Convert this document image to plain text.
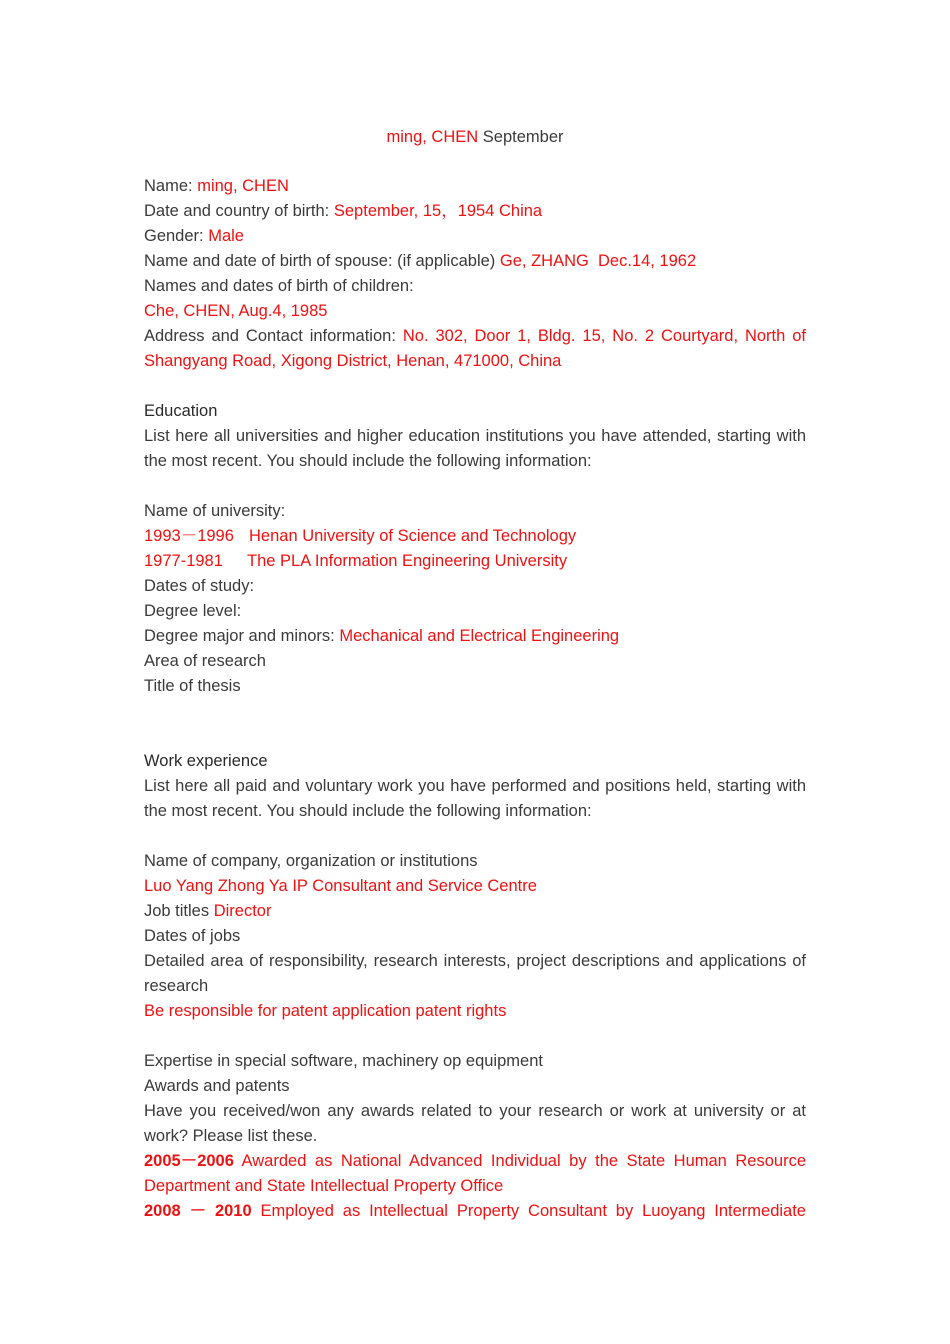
ming, CHEN September
Name: ming, CHEN
Date and country of birth: September, 15，1954 China
Gender: Male
Name and date of birth of spouse: (if applicable) Ge, ZHANG  Dec.14, 1962
Names and dates of birth of children:
Che, CHEN, Aug.4, 1985
Address and Contact information: No. 302, Door 1, Bldg. 15, No. 2 Courtyard, North of Shangyang Road, Xigong District, Henan, 471000, China
Education
List here all universities and higher education institutions you have attended, starting with the most recent. You should include the following information:
Name of university:
1993－1996 Henan University of Science and Technology
1977-1981 The PLA Information Engineering University
Dates of study:
Degree level:
Degree major and minors: Mechanical and Electrical Engineering
Area of research
Title of thesis
Work experience
List here all paid and voluntary work you have performed and positions held, starting with the most recent. You should include the following information:
Name of company, organization or institutions
Luo Yang Zhong Ya IP Consultant and Service Centre
Job titles Director
Dates of jobs
Detailed area of responsibility, research interests, project descriptions and applications of research
Be responsible for patent application patent rights
Expertise in special software, machinery op equipment
Awards and patents
Have you received/won any awards related to your research or work at university or at work? Please list these.
2005－2006 Awarded as National Advanced Individual by the State Human Resource Department and State Intellectual Property Office
2008 － 2010 Employed as Intellectual Property Consultant by Luoyang Intermediate
